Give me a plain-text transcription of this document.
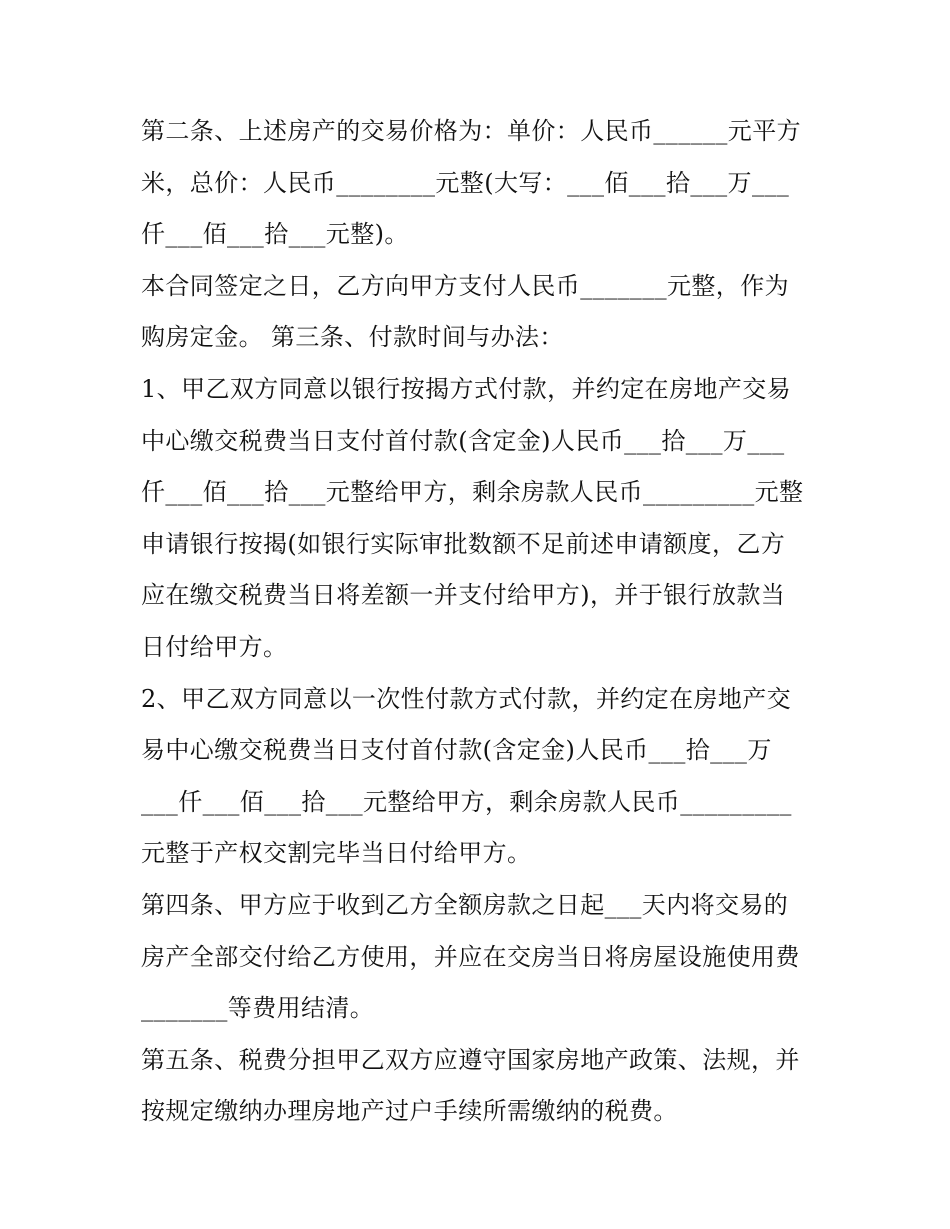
第二条、上述房产的交易价格为：单价：人民币______元平方
米，总价：人民币________元整(大写：___佰___拾___万___
仟___佰___拾___元整)。
本合同签定之日，乙方向甲方支付人民币_______元整，作为
购房定金。 第三条、付款时间与办法：
1、甲乙双方同意以银行按揭方式付款，并约定在房地产交易
中心缴交税费当日支付首付款(含定金)人民币___拾___万___
仟___佰___拾___元整给甲方，剩余房款人民币_________元整
申请银行按揭(如银行实际审批数额不足前述申请额度，乙方
应在缴交税费当日将差额一并支付给甲方)，并于银行放款当
日付给甲方。
2、甲乙双方同意以一次性付款方式付款，并约定在房地产交
易中心缴交税费当日支付首付款(含定金)人民币___拾___万
___仟___佰___拾___元整给甲方，剩余房款人民币_________
元整于产权交割完毕当日付给甲方。
第四条、甲方应于收到乙方全额房款之日起___天内将交易的
房产全部交付给乙方使用，并应在交房当日将房屋设施使用费
_______等费用结清。
第五条、税费分担甲乙双方应遵守国家房地产政策、法规，并
按规定缴纳办理房地产过户手续所需缴纳的税费。
